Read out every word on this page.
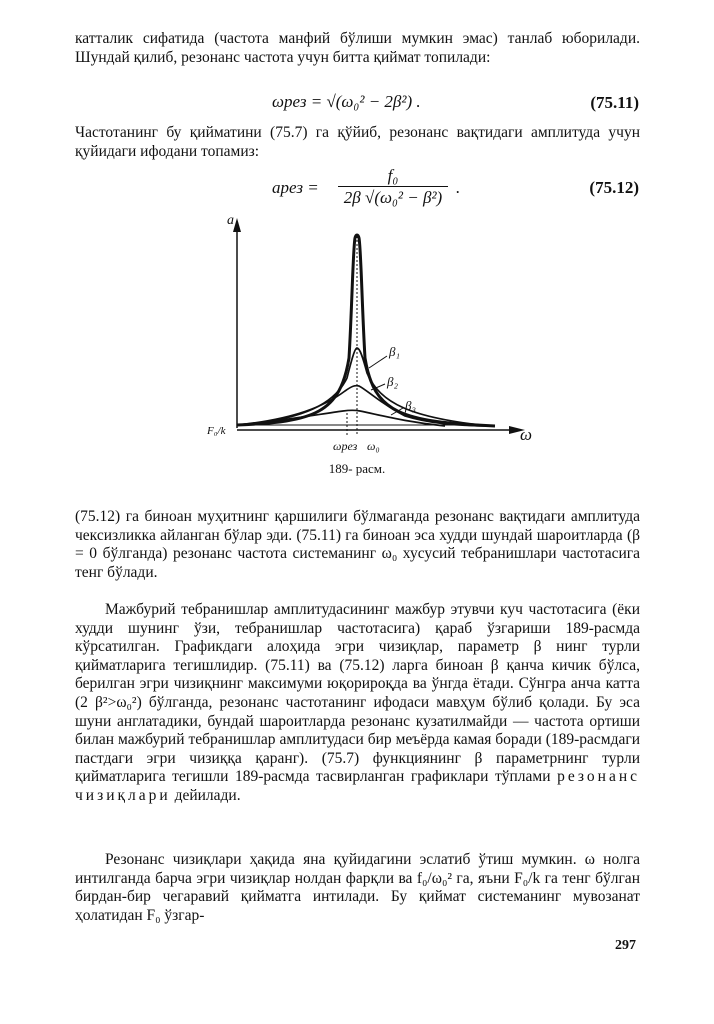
катталик сифатида (частота манфий бўлиши мумкин эмас) танлаб юборилади. Шундай қилиб, резонанс частота учун битта қиймат топилади:

ωрез = √(ω₀² − 2β²) .	(75.11)

Частотанинг бу қийматини (75.7) га қўйиб, резонанс вақтидаги амплитуда учун қуйидаги ифодани топамиз:

aрез =
f₀
2β √(ω₀² − β²)
.	(75.12)
a
ω
F₀/k
ωрез ω₀
β₁
β₂
β₃
189- расм.

(75.12) га биноан муҳитнинг қаршилиги бўлмаганда резонанс вақтидаги амплитуда чексизликка айланган бўлар эди. (75.11) га биноан эса худди шундай шароитларда (β = 0 бўлганда) резонанс частота системанинг ω₀ хусусий тебранишлари частотасига тенг бўлади.

Мажбурий тебранишлар амплитудасининг мажбур этувчи куч частотасига (ёки худди шунинг ўзи, тебранишлар частотасига) қараб ўзгариши 189-расмда кўрсатилган. Графикдаги алоҳида эгри чизиқлар, параметр β нинг турли қийматларига тегишлидир. (75.11) ва (75.12) ларга биноан β қанча кичик бўлса, берилган эгри чизиқнинг максимуми юқорироқда ва ўнгда ётади. Сўнгра анча катта (2 β²>ω₀²) бўлганда, резонанс частотанинг ифодаси мавҳум бўлиб қолади. Бу эса шуни англатадики, бундай шароитларда резонанс кузатилмайди — частота ортиши билан мажбурий тебранишлар амплитудаси бир меъёрда камая боради (189-расмдаги пастдаги эгри чизиққа қаранг). (75.7) функциянинг β параметрнинг турли қийматларига тегишли 189-расмда тасвирланган графиклари тўплами резонанс чизиқлари дейилади.

Резонанс чизиқлари ҳақида яна қуйидагини эслатиб ўтиш мумкин. ω нолга интилганда барча эгри чизиқлар нолдан фарқли ва f₀/ω₀² га, яъни F₀/k га тенг бўлган бирдан-бир чегаравий қийматга интилади. Бу қиймат системанинг мувозанат ҳолатидан F₀ ўзгар-

297
